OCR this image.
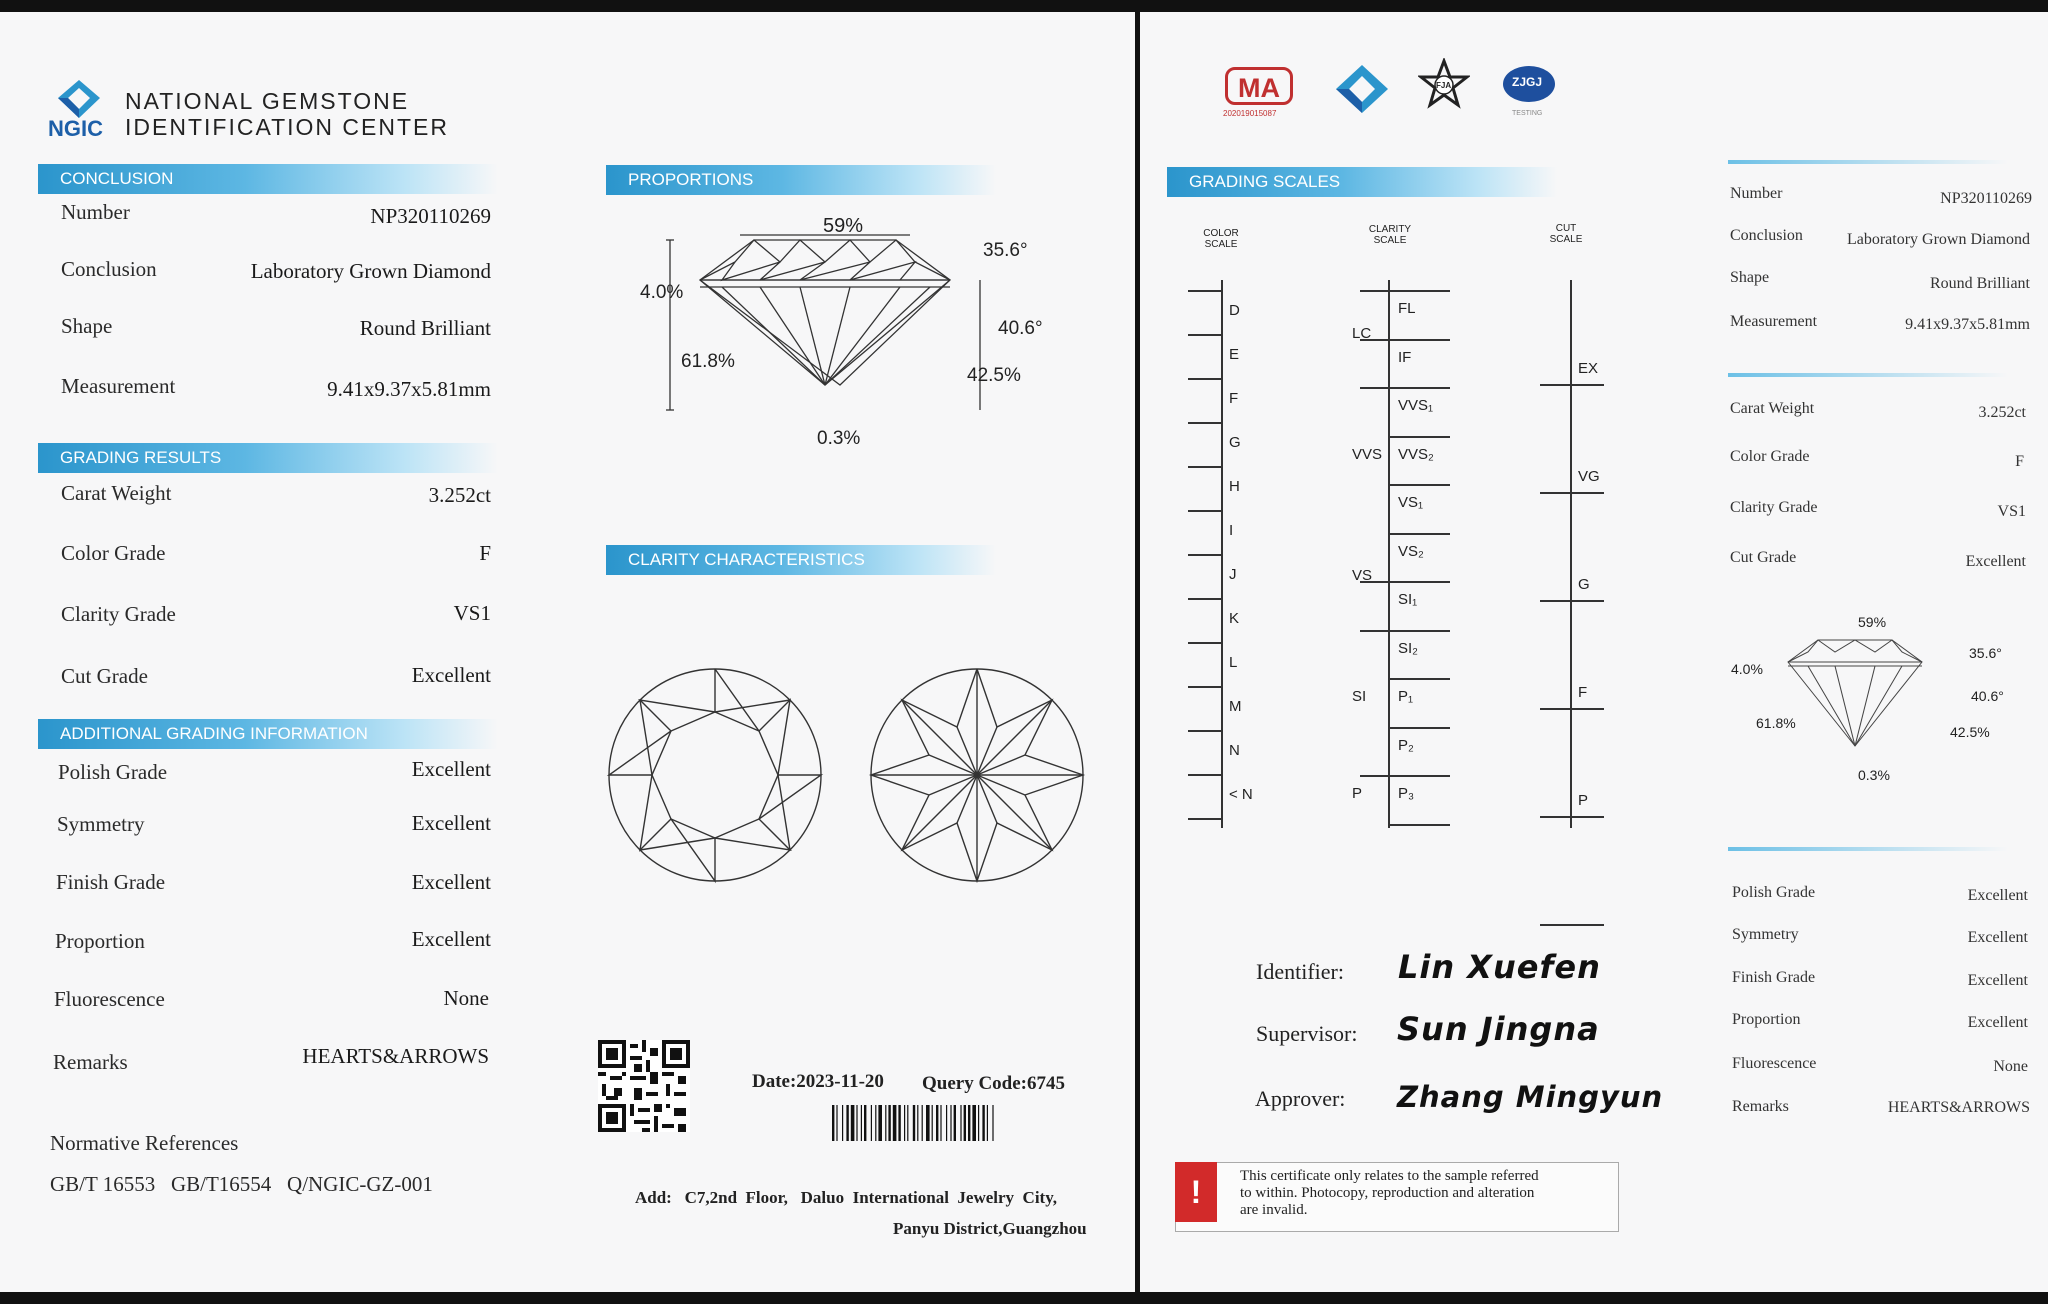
NGIC
NATIONAL GEMSTONE
IDENTIFICATION CENTER
CONCLUSION
Number	NP320110269
Conclusion	Laboratory Grown Diamond
Shape	Round Brilliant
Measurement	9.41x9.37x5.81mm
GRADING RESULTS
Carat Weight	3.252ct
Color Grade	F
Clarity Grade	VS1
Cut Grade	Excellent
ADDITIONAL GRADING INFORMATION
Polish Grade	Excellent
Symmetry	Excellent
Finish Grade	Excellent
Proportion	Excellent
Fluorescence	None
Remarks	HEARTS&ARROWS
Normative References
GB/T 16553   GB/T16554   Q/NGIC-GZ-001
PROPORTIONS
59%
35.6°
4.0%
40.6°
61.8%
42.5%
0.3%
CLARITY CHARACTERISTICS
Date:2023-11-20 Query Code:6745
Add:   C7,2nd  Floor,   Daluo  International  Jewelry  City,
Panyu District,Guangzhou
MA
202019015087
FJA	ZJGJ
TESTING
GRADING SCALES
COLOR
SCALE
CLARITY
SCALE
CUT
SCALE
D
E
F
G
H
I
J
K
L
M
N
< N
FL
IF
VVS₁
VVS₂
VS₁
VS₂
SI₁
SI₂
P₁
P₂
P₃
LC
VVS
VS
SI
P
EX
VG
G
F
P
Identifier: Lin Xuefen
Supervisor: Sun Jingna
Approver: Zhang Mingyun
!	This certificate only relates to the sample referred
to within. Photocopy, reproduction and alteration
are invalid.
Number	NP320110269
Conclusion	Laboratory Grown Diamond
Shape	Round Brilliant
Measurement	9.41x9.37x5.81mm
Carat Weight	3.252ct
Color Grade	F
Clarity Grade	VS1
Cut Grade	Excellent
59%
35.6°
4.0%
40.6°
61.8%
42.5%
0.3%
Polish Grade	Excellent
Symmetry	Excellent
Finish Grade	Excellent
Proportion	Excellent
Fluorescence	None
Remarks	HEARTS&ARROWS
